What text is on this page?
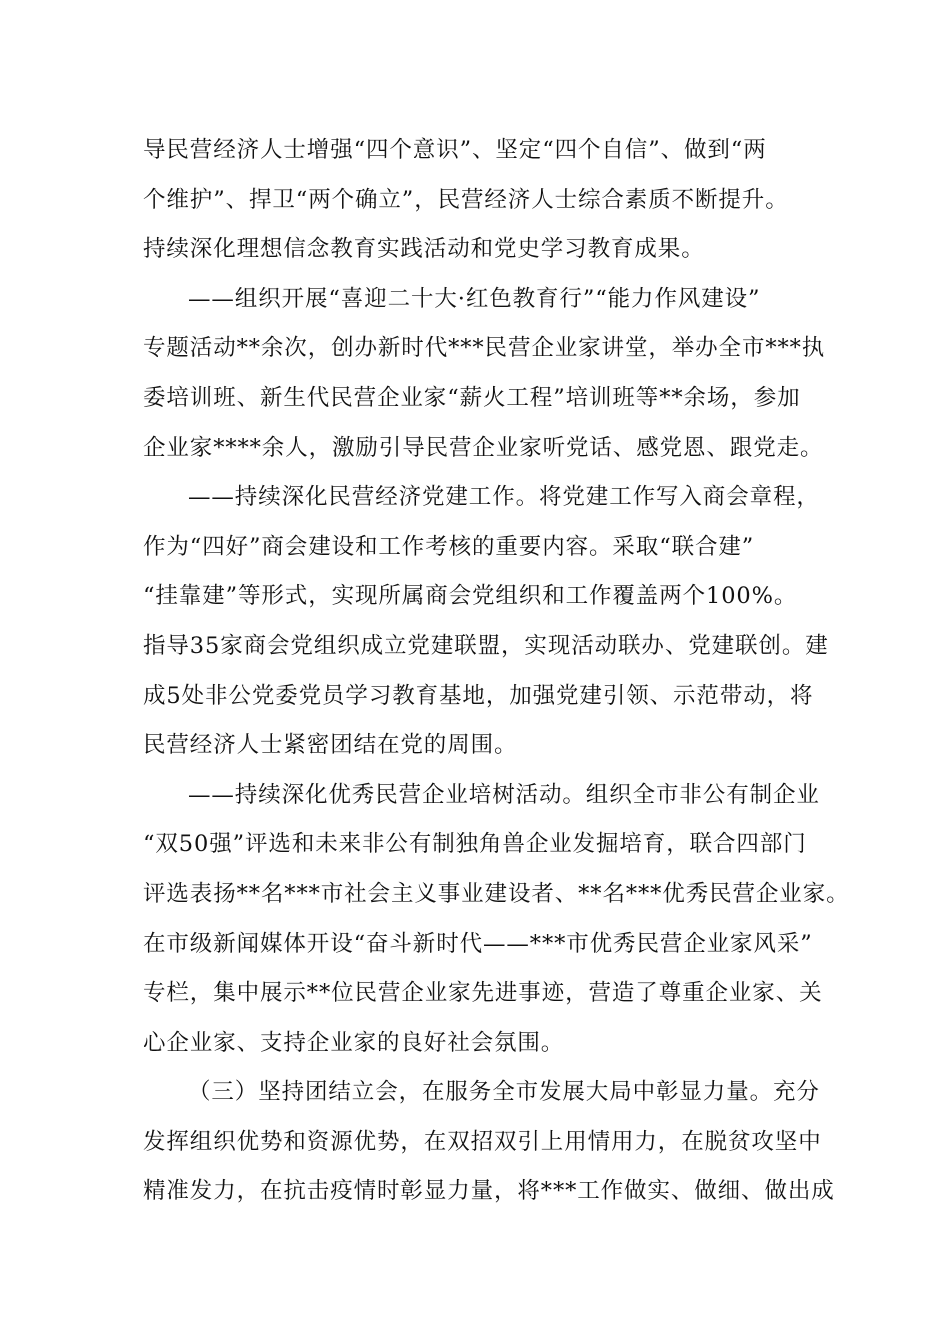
导民营经济人士增强“四个意识”、坚定“四个自信”、做到“两
个维护”、捍卫“两个确立”，民营经济人士综合素质不断提升。
持续深化理想信念教育实践活动和党史学习教育成果。
——组织开展“喜迎二十大·红色教育行”“能力作风建设”
专题活动**余次，创办新时代***民营企业家讲堂，举办全市***执
委培训班、新生代民营企业家“薪火工程”培训班等**余场，参加
企业家****余人，激励引导民营企业家听党话、感党恩、跟党走。
——持续深化民营经济党建工作。将党建工作写入商会章程，
作为“四好”商会建设和工作考核的重要内容。采取“联合建”
“挂靠建”等形式，实现所属商会党组织和工作覆盖两个100%。
指导35家商会党组织成立党建联盟，实现活动联办、党建联创。建
成5处非公党委党员学习教育基地，加强党建引领、示范带动，将
民营经济人士紧密团结在党的周围。
——持续深化优秀民营企业培树活动。组织全市非公有制企业
“双50强”评选和未来非公有制独角兽企业发掘培育，联合四部门
评选表扬**名***市社会主义事业建设者、**名***优秀民营企业家。
在市级新闻媒体开设“奋斗新时代——***市优秀民营企业家风采”
专栏，集中展示**位民营企业家先进事迹，营造了尊重企业家、关
心企业家、支持企业家的良好社会氛围。
（三）坚持团结立会，在服务全市发展大局中彰显力量。充分
发挥组织优势和资源优势，在双招双引上用情用力，在脱贫攻坚中
精准发力，在抗击疫情时彰显力量，将***工作做实、做细、做出成
